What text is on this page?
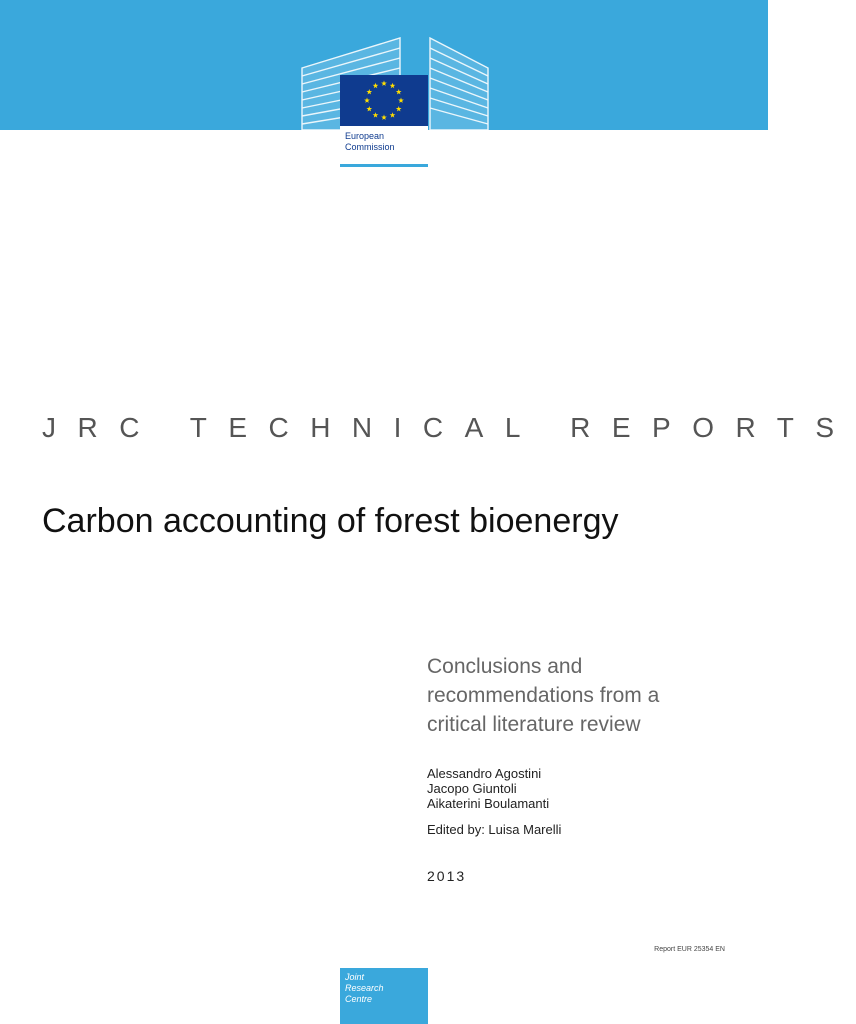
European
Commission
JRC TECHNICAL REPORTS
Carbon accounting of forest bioenergy
Conclusions and
recommendations from a
critical literature review
Alessandro Agostini
Jacopo Giuntoli
Aikaterini Boulamanti
Edited by: Luisa Marelli
2013
Report EUR 25354 EN
Joint
Research
Centre
